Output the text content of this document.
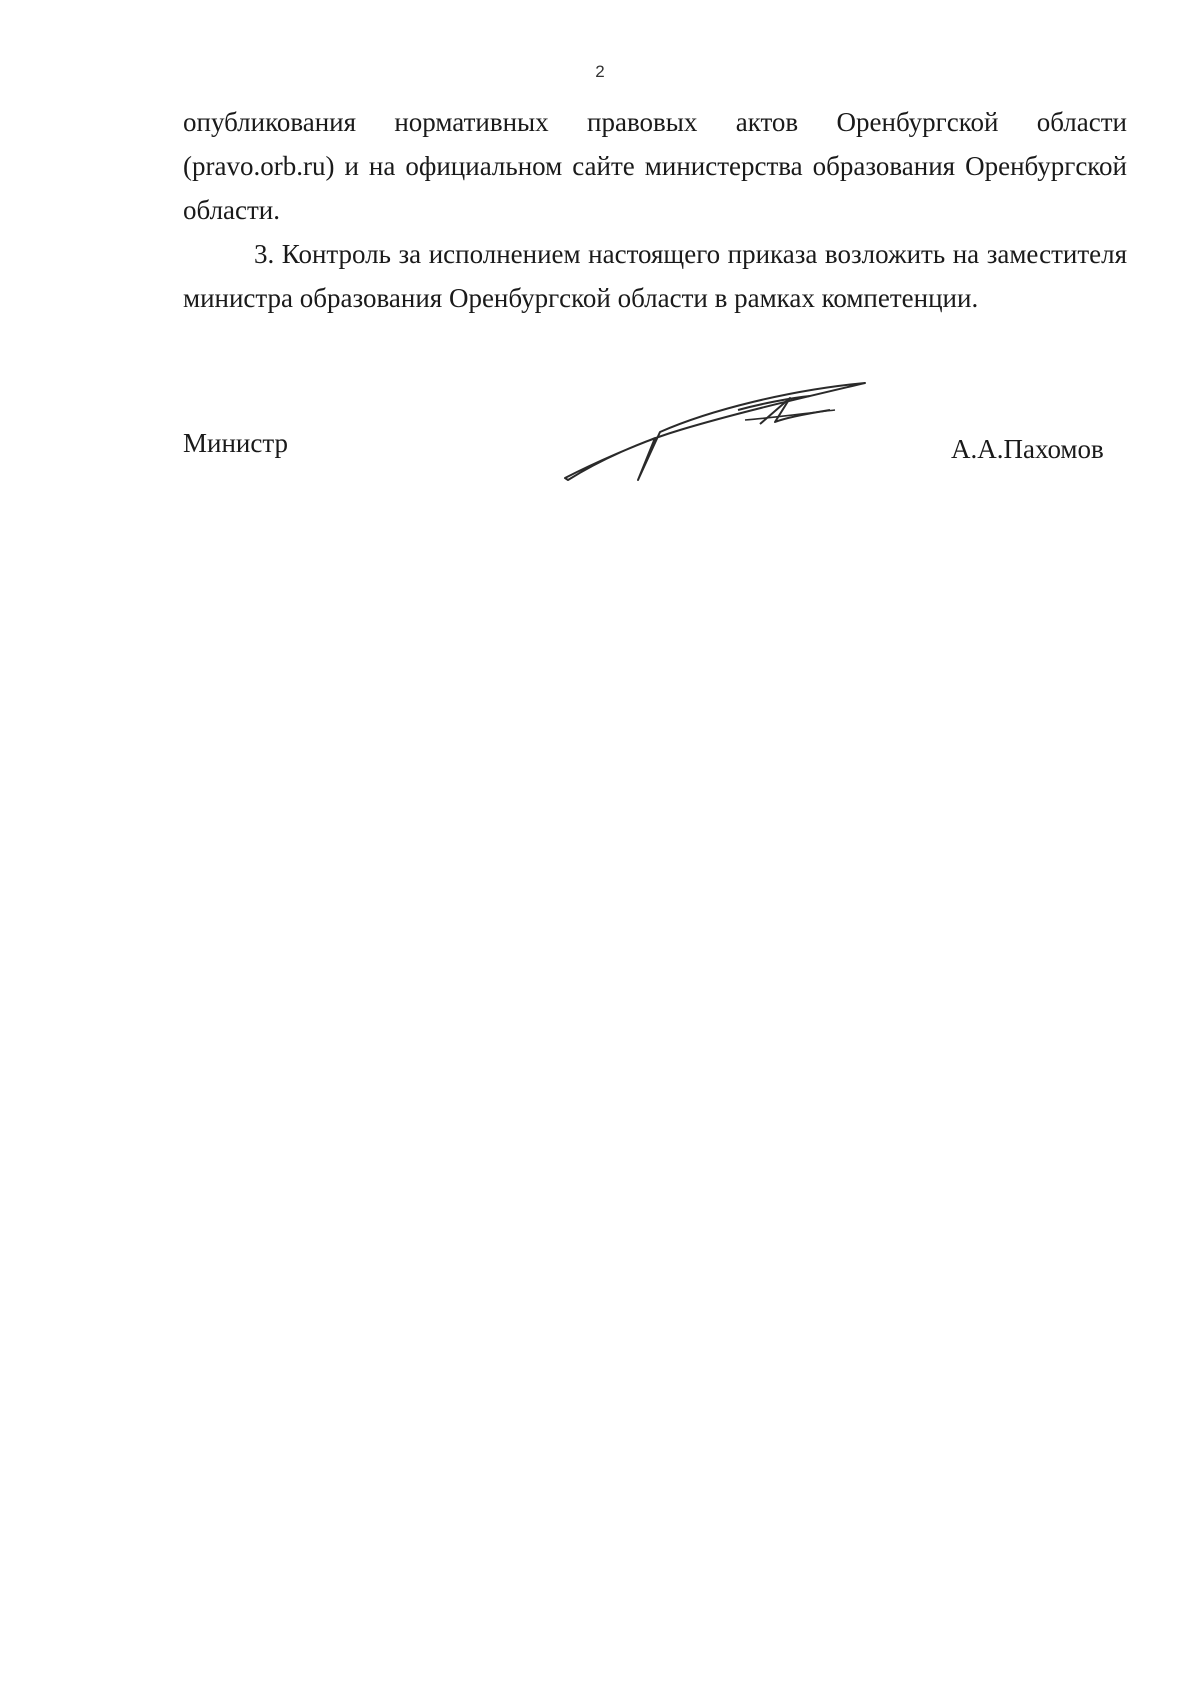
2

опубликования нормативных правовых актов Оренбургской области (pravo.orb.ru) и на официальном сайте министерства образования Оренбургской области.

3. Контроль за исполнением настоящего приказа возложить на заместителя министра образования Оренбургской области в рамках компетенции.

Министр	А.А.Пахомов
